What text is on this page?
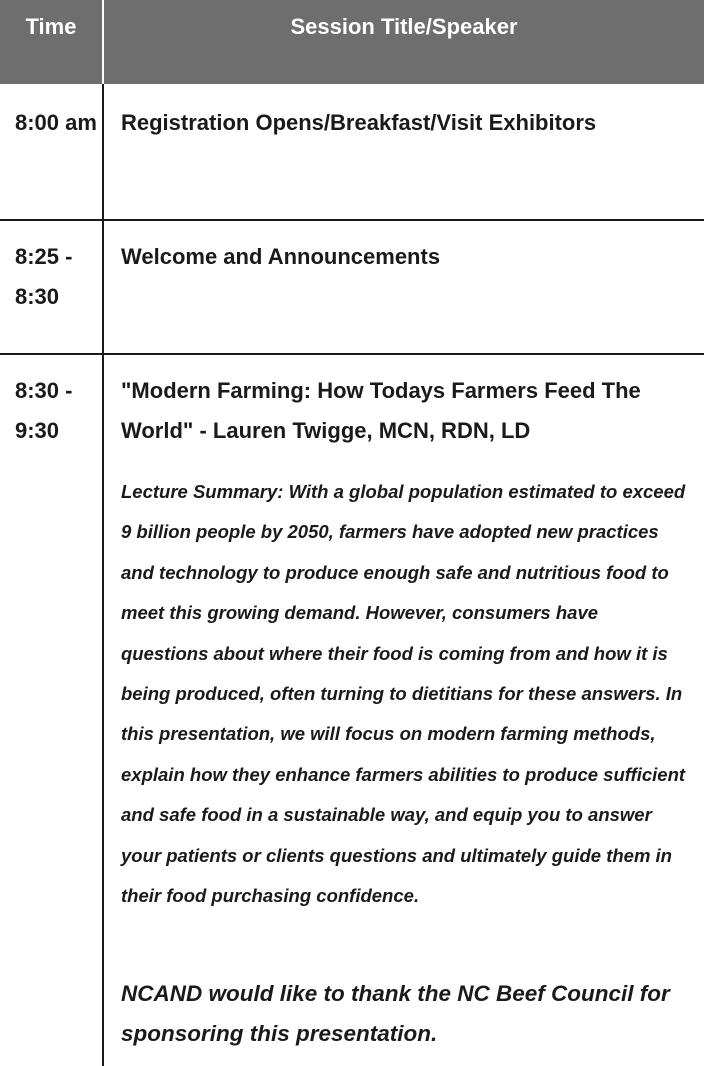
Time	Session Title/Speaker
8:00 am Registration Opens/Breakfast/Visit Exhibitors
8:25 - 8:30
Welcome and Announcements
8:30 - 9:30
"Modern Farming: How Todays Farmers Feed The World" - Lauren Twigge, MCN, RDN, LD
Lecture Summary: With a global population estimated to exceed 9 billion people by 2050, farmers have adopted new practices and technology to produce enough safe and nutritious food to meet this growing demand. However, consumers have questions about where their food is coming from and how it is being produced, often turning to dietitians for these answers. In this presentation, we will focus on modern farming methods, explain how they enhance farmers abilities to produce sufficient and safe food in a sustainable way, and equip you to answer your patients or clients questions and ultimately guide them in their food purchasing confidence.
NCAND would like to thank the NC Beef Council for sponsoring this presentation.
